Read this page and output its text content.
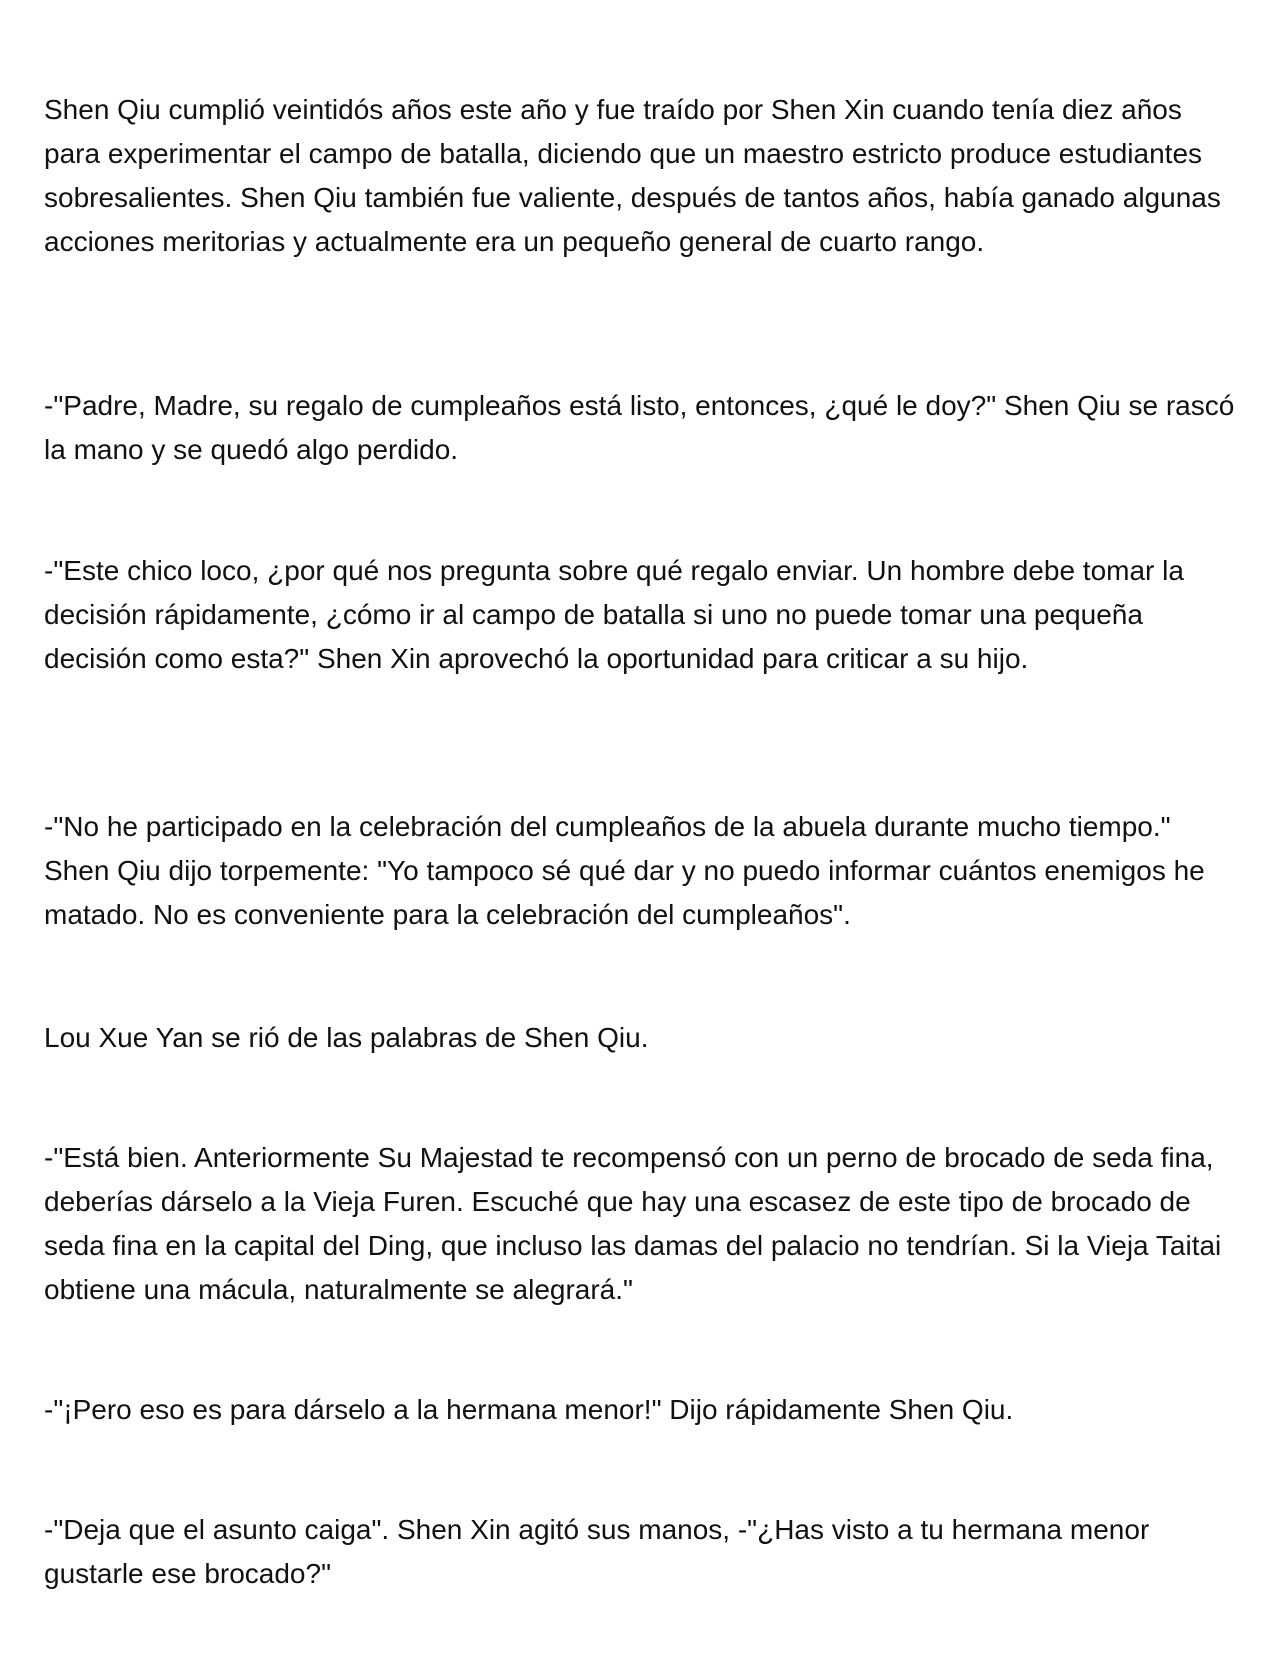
Shen Qiu cumplió veintidós años este año y fue traído por Shen Xin cuando tenía diez años para experimentar el campo de batalla, diciendo que un maestro estricto produce estudiantes sobresalientes. Shen Qiu también fue valiente, después de tantos años, había ganado algunas acciones meritorias y actualmente era un pequeño general de cuarto rango.

-"Padre, Madre, su regalo de cumpleaños está listo, entonces, ¿qué le doy?" Shen Qiu se rascó la mano y se quedó algo perdido.

-"Este chico loco, ¿por qué nos pregunta sobre qué regalo enviar. Un hombre debe tomar la decisión rápidamente, ¿cómo ir al campo de batalla si uno no puede tomar una pequeña decisión como esta?" Shen Xin aprovechó la oportunidad para criticar a su hijo.

-"No he participado en la celebración del cumpleaños de la abuela durante mucho tiempo." Shen Qiu dijo torpemente: "Yo tampoco sé qué dar y no puedo informar cuántos enemigos he matado. No es conveniente para la celebración del cumpleaños".

Lou Xue Yan se rió de las palabras de Shen Qiu.

-"Está bien. Anteriormente Su Majestad te recompensó con un perno de brocado de seda fina, deberías dárselo a la Vieja Furen. Escuché que hay una escasez de este tipo de brocado de seda fina en la capital del Ding, que incluso las damas del palacio no tendrían. Si la Vieja Taitai obtiene una mácula, naturalmente se alegrará."

-"¡Pero eso es para dárselo a la hermana menor!" Dijo rápidamente Shen Qiu.

-"Deja que el asunto caiga". Shen Xin agitó sus manos, -"¿Has visto a tu hermana menor gustarle ese brocado?"
